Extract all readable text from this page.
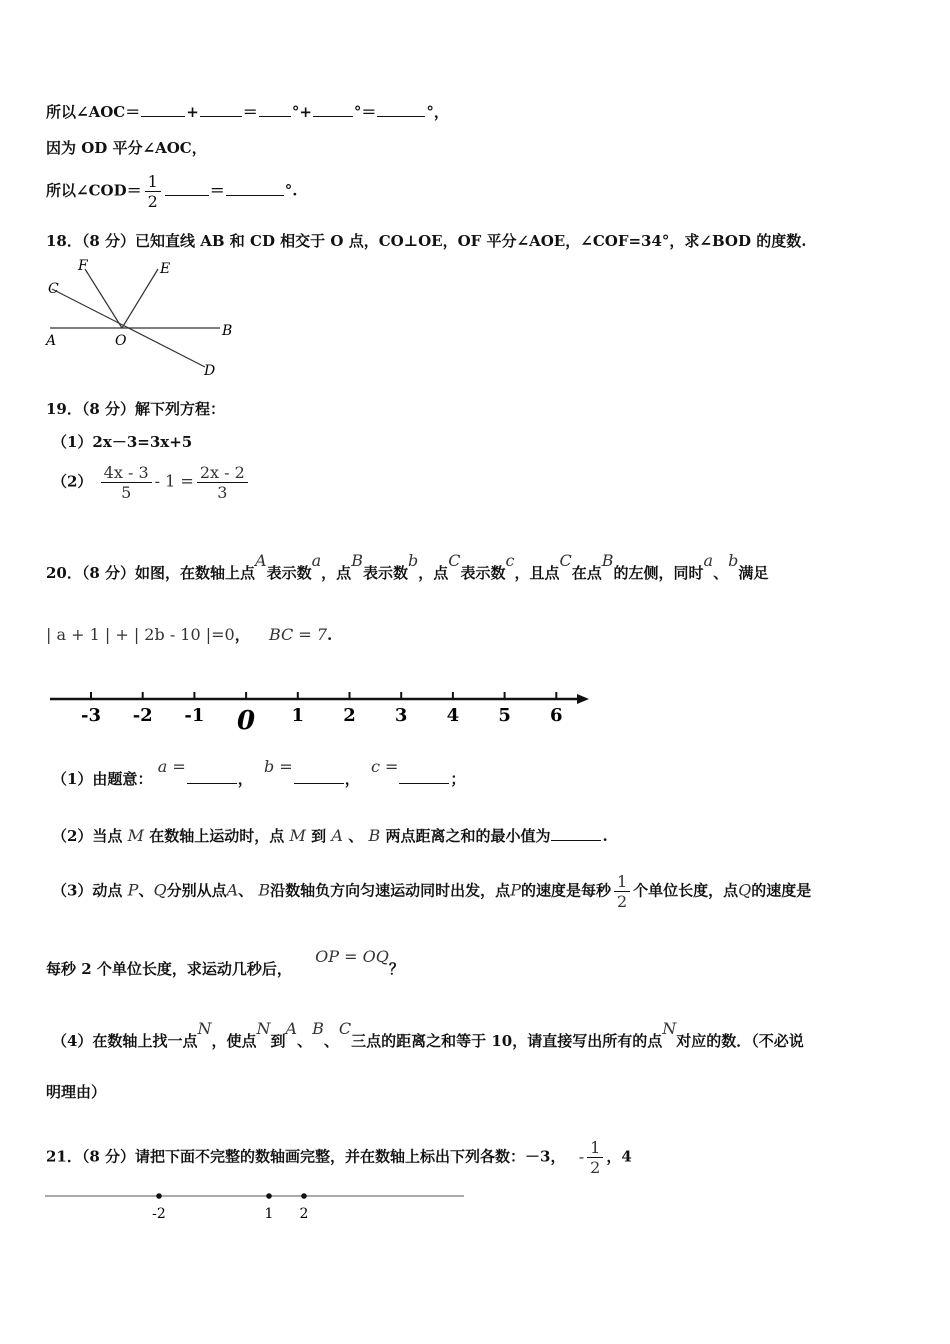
所以∠AOC＝	+	＝ °+	°＝	°，
因为 OD 平分∠AOC，
所以∠COD＝ $\frac{1}{2}$	＝	°.
18．（8 分）已知直线 AB 和 CD 相交于 O 点，CO⊥OE，OF 平分∠AOE，∠COF=34°，求∠BOD 的度数.
F	E
C
A	O
B
D
19．（8 分）解下列方程：
（1）2x－3=3x+5
$(2) \frac{4x - 3}{5} - 1 = \frac{2x - 2}{3}$
20．（8 分）如图，在数轴上点A表示数a，点B表示数b，点C表示数c，且点C在点B的左侧，同时a、b满足
| a + 1 | + | 2b - 10 |=0， BC = 7.
-3 -2 -1 0 1 2 3 4 5 6
（1）由题意： a =， b =， c =；
（2）当点 M 在数轴上运动时，点 M 到 A 、 B 两点距离之和的最小值为	.
（3）动点 P、Q分别从点A、 B沿数轴负方向匀速运动同时出发，点P的速度是每秒 $\frac{1}{2}$ 个单位长度，点Q的速度是
每秒 2 个单位长度，求运动几秒后， OP = OQ？
（4）在数轴上找一点N，使点N到A、B、C三点的距离之和等于 10，请直接写出所有的点N对应的数．（不必说
明理由）
21．（8 分）请把下面不完整的数轴画完整，并在数轴上标出下列各数：－3， - $\frac{1}{2}$ ，4
-2	1 2
